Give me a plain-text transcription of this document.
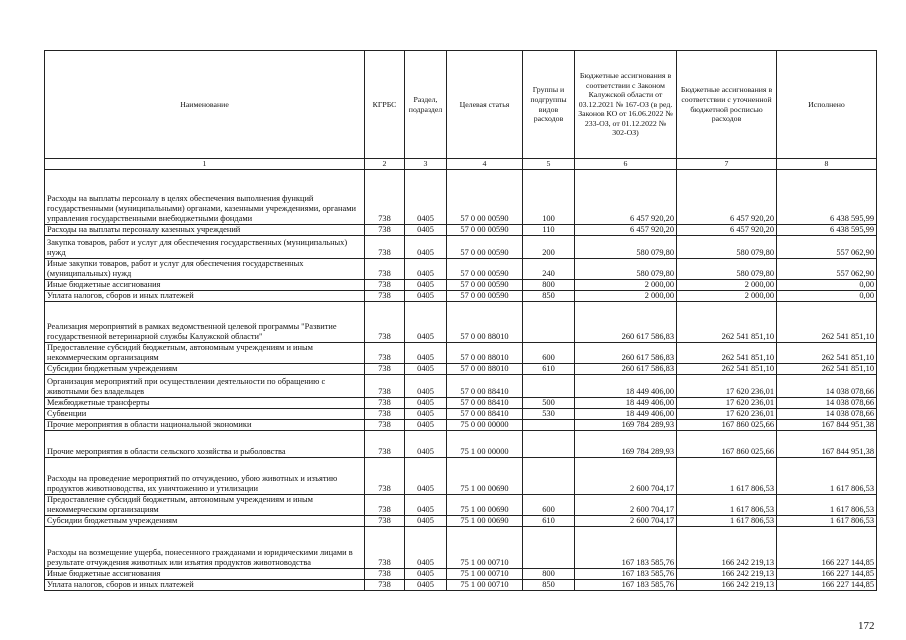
Наименование	КГРБС	Раздел, подраздел	Целевая статья	Группы и подгруппы видов расходов	Бюджетные ассигнования в соответствии с Законом Калужской области от 03.12.2021 № 167-ОЗ (в ред. Законов КО от 16.06.2022 № 233-ОЗ, от 01.12.2022 № 302-ОЗ)	Бюджетные ассигнования в соответствии с уточненной бюджетной росписью расходов	Исполнено
1	2	3	4	5	6	7	8
Расходы на выплаты персоналу в целях обеспечения выполнения функций государственными (муниципальными) органами, казенными учреждениями, органами управления государственными внебюджетными фондами	738	0405	57 0 00 00590	100	6 457 920,20	6 457 920,20	6 438 595,99
Расходы на выплаты персоналу казенных учреждений	738	0405	57 0 00 00590	110	6 457 920,20	6 457 920,20	6 438 595,99
Закупка товаров, работ и услуг для обеспечения государственных (муниципальных) нужд	738	0405	57 0 00 00590	200	580 079,80	580 079,80	557 062,90
Иные закупки товаров, работ и услуг для обеспечения государственных (муниципальных) нужд	738	0405	57 0 00 00590	240	580 079,80	580 079,80	557 062,90
Иные бюджетные ассигнования	738	0405	57 0 00 00590	800	2 000,00	2 000,00	0,00
Уплата налогов, сборов и иных платежей	738	0405	57 0 00 00590	850	2 000,00	2 000,00	0,00
Реализация мероприятий в рамках ведомственной целевой программы "Развитие государственной ветеринарной службы Калужской области"	738	0405	57 0 00 88010		260 617 586,83	262 541 851,10	262 541 851,10
Предоставление субсидий бюджетным, автономным учреждениям и иным некоммерческим организациям	738	0405	57 0 00 88010	600	260 617 586,83	262 541 851,10	262 541 851,10
Субсидии бюджетным учреждениям	738	0405	57 0 00 88010	610	260 617 586,83	262 541 851,10	262 541 851,10
Организация мероприятий при осуществлении деятельности по обращению с животными без владельцев	738	0405	57 0 00 88410		18 449 406,00	17 620 236,01	14 038 078,66
Межбюджетные трансферты	738	0405	57 0 00 88410	500	18 449 406,00	17 620 236,01	14 038 078,66
Субвенции	738	0405	57 0 00 88410	530	18 449 406,00	17 620 236,01	14 038 078,66
Прочие мероприятия в области национальной экономики	738	0405	75 0 00 00000		169 784 289,93	167 860 025,66	167 844 951,38
Прочие мероприятия в области сельского хозяйства и рыболовства	738	0405	75 1 00 00000		169 784 289,93	167 860 025,66	167 844 951,38
Расходы на проведение мероприятий по отчуждению, убою животных и изъятию продуктов животноводства, их уничтожению и утилизации	738	0405	75 1 00 00690		2 600 704,17	1 617 806,53	1 617 806,53
Предоставление субсидий бюджетным, автономным учреждениям и иным некоммерческим организациям	738	0405	75 1 00 00690	600	2 600 704,17	1 617 806,53	1 617 806,53
Субсидии бюджетным учреждениям	738	0405	75 1 00 00690	610	2 600 704,17	1 617 806,53	1 617 806,53
Расходы на возмещение ущерба, понесенного гражданами и юридическими лицами в результате отчуждения животных или изъятия продуктов животноводства	738	0405	75 1 00 00710		167 183 585,76	166 242 219,13	166 227 144,85
Иные бюджетные ассигнования	738	0405	75 1 00 00710	800	167 183 585,76	166 242 219,13	166 227 144,85
Уплата налогов, сборов и иных платежей	738	0405	75 1 00 00710	850	167 183 585,76	166 242 219,13	166 227 144,85
172
